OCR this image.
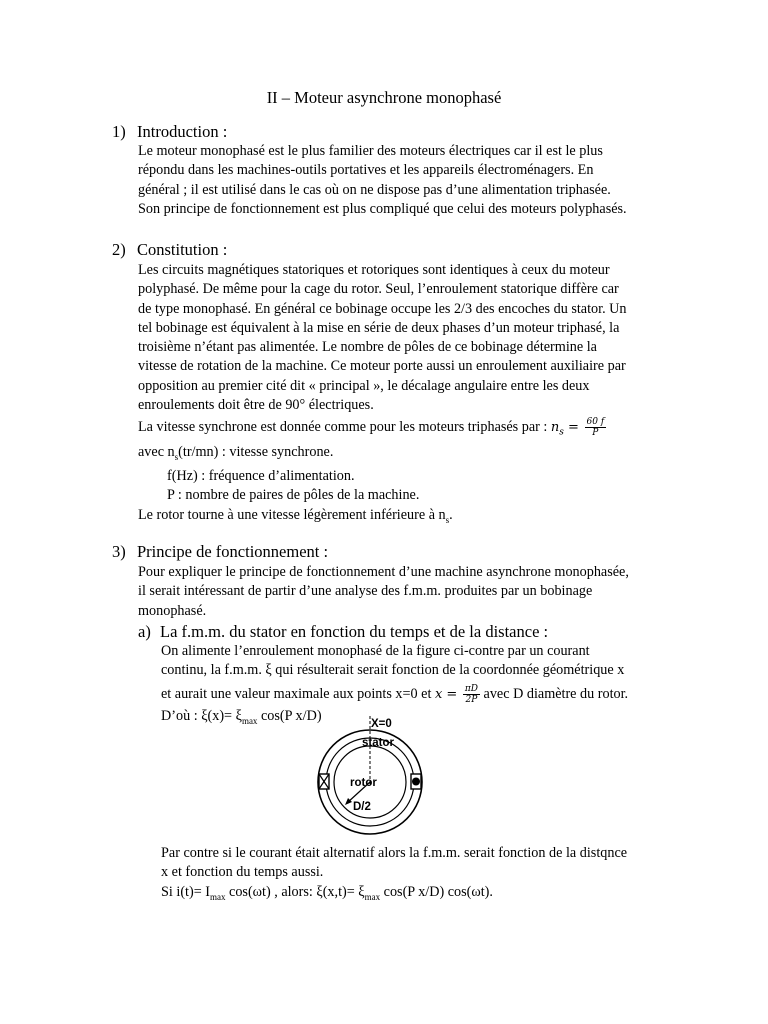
II – Moteur asynchrone monophasé
1) Introduction :

Le moteur monophasé est le plus familier des moteurs électriques car il est le plus

répondu dans les machines-outils portatives et les appareils électroménagers. En

général ; il est utilisé dans le cas où on ne dispose pas d’une alimentation triphasée.

Son principe de fonctionnement est plus compliqué que celui des moteurs polyphasés.

2) Constitution :

Les circuits magnétiques statoriques et rotoriques sont identiques à ceux du moteur

polyphasé. De même pour la cage du rotor. Seul, l’enroulement statorique diffère car

de type monophasé. En général ce bobinage occupe les 2/3 des encoches du stator. Un

tel bobinage est équivalent à la mise en série de deux phases d’un moteur triphasé, la

troisième n’étant pas alimentée. Le nombre de pôles de ce bobinage détermine la

vitesse de rotation de la machine. Ce moteur porte aussi un enroulement auxiliaire par

opposition au premier cité dit « principal », le décalage angulaire entre les deux

enroulements doit être de 90° électriques.

La vitesse synchrone est donnée comme pour les moteurs triphasés par : $n_s = \frac{60 f}{P}$

avec $n_s(tr/mn)$ : vitesse synchrone.

f(Hz) : fréquence d’alimentation.

P : nombre de paires de pôles de la machine.

Le rotor tourne à une vitesse légèrement inférieure à $n_s$.

3) Principe de fonctionnement :

Pour expliquer le principe de fonctionnement d’une machine asynchrone monophasée,

il serait intéressant de partir d’une analyse des f.m.m. produites par un bobinage

monophasé.

a) La f.m.m. du stator en fonction du temps et de la distance :

On alimente l’enroulement monophasé de la figure ci-contre par un courant

continu, la f.m.m. ξ qui résulterait serait fonction de la coordonnée géométrique x

et aurait une valeur maximale aux points x=0 et $x = \frac{\pi D}{2P}$ avec D diamètre du rotor.

D’où : $\xi(x)= \xi_{max}$ cos(P x/D)

X=0
stator
rotor
D/2

Par contre si le courant était alternatif alors la f.m.m. serait fonction de la distqnce

x et fonction du temps aussi.

Si $i(t)= I_{max}$ cos(ωt) , alors: $\xi(x,t)= \xi_{max}$ cos(P x/D) cos(ωt).
